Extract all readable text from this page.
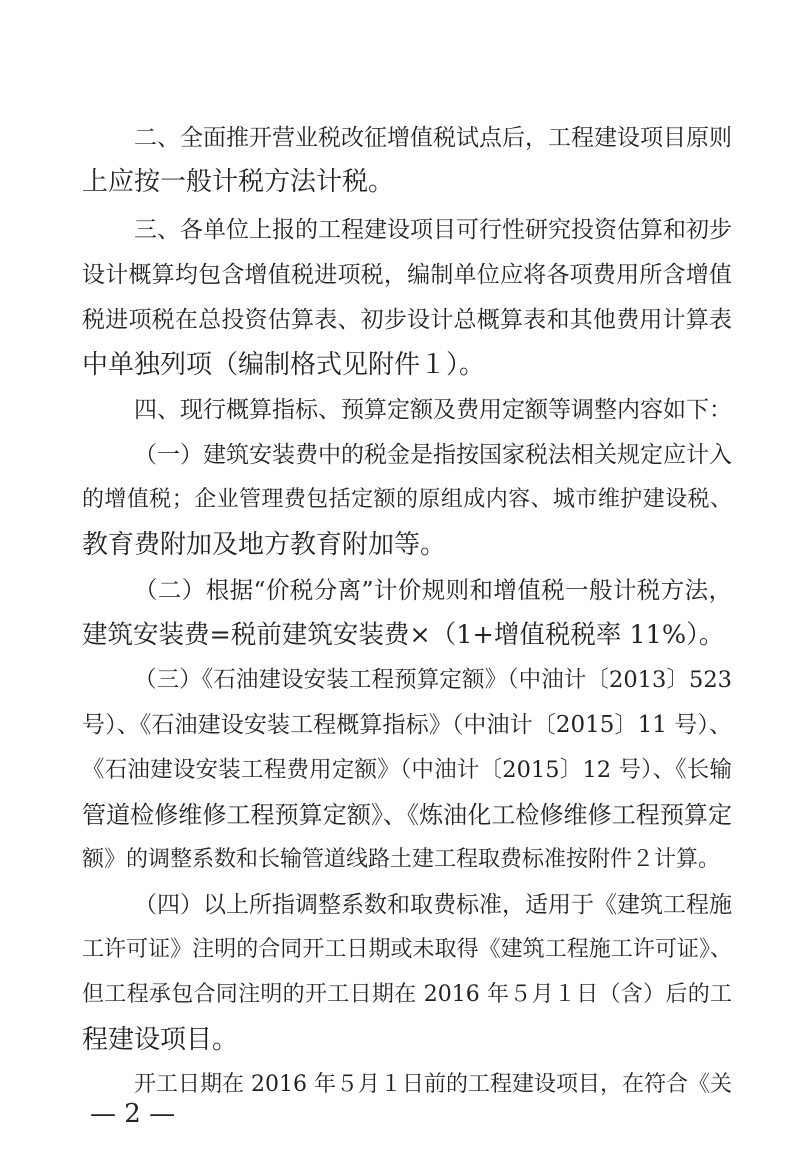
二、全面推开营业税改征增值税试点后，工程建设项目原则
上应按一般计税方法计税。
三、各单位上报的工程建设项目可行性研究投资估算和初步
设计概算均包含增值税进项税，编制单位应将各项费用所含增值
税进项税在总投资估算表、初步设计总概算表和其他费用计算表
中单独列项（编制格式见附件１）。
四、现行概算指标、预算定额及费用定额等调整内容如下：
（一）建筑安装费中的税金是指按国家税法相关规定应计入
的增值税；企业管理费包括定额的原组成内容、城市维护建设税、
教育费附加及地方教育附加等。
（二）根据“价税分离”计价规则和增值税一般计税方法，
建筑安装费=税前建筑安装费×（1+增值税税率 11%）。
（三）《石油建设安装工程预算定额》（中油计〔2013〕523
号）、《石油建设安装工程概算指标》（中油计〔2015〕11 号）、
《石油建设安装工程费用定额》（中油计〔2015〕12 号）、《长输
管道检修维修工程预算定额》、《炼油化工检修维修工程预算定
额》的调整系数和长输管道线路土建工程取费标准按附件２计算。
（四）以上所指调整系数和取费标准，适用于《建筑工程施
工许可证》注明的合同开工日期或未取得《建筑工程施工许可证》、
但工程承包合同注明的开工日期在 2016 年５月１日（含）后的工
程建设项目。
开工日期在 2016 年５月１日前的工程建设项目，在符合《关
— 2 —
